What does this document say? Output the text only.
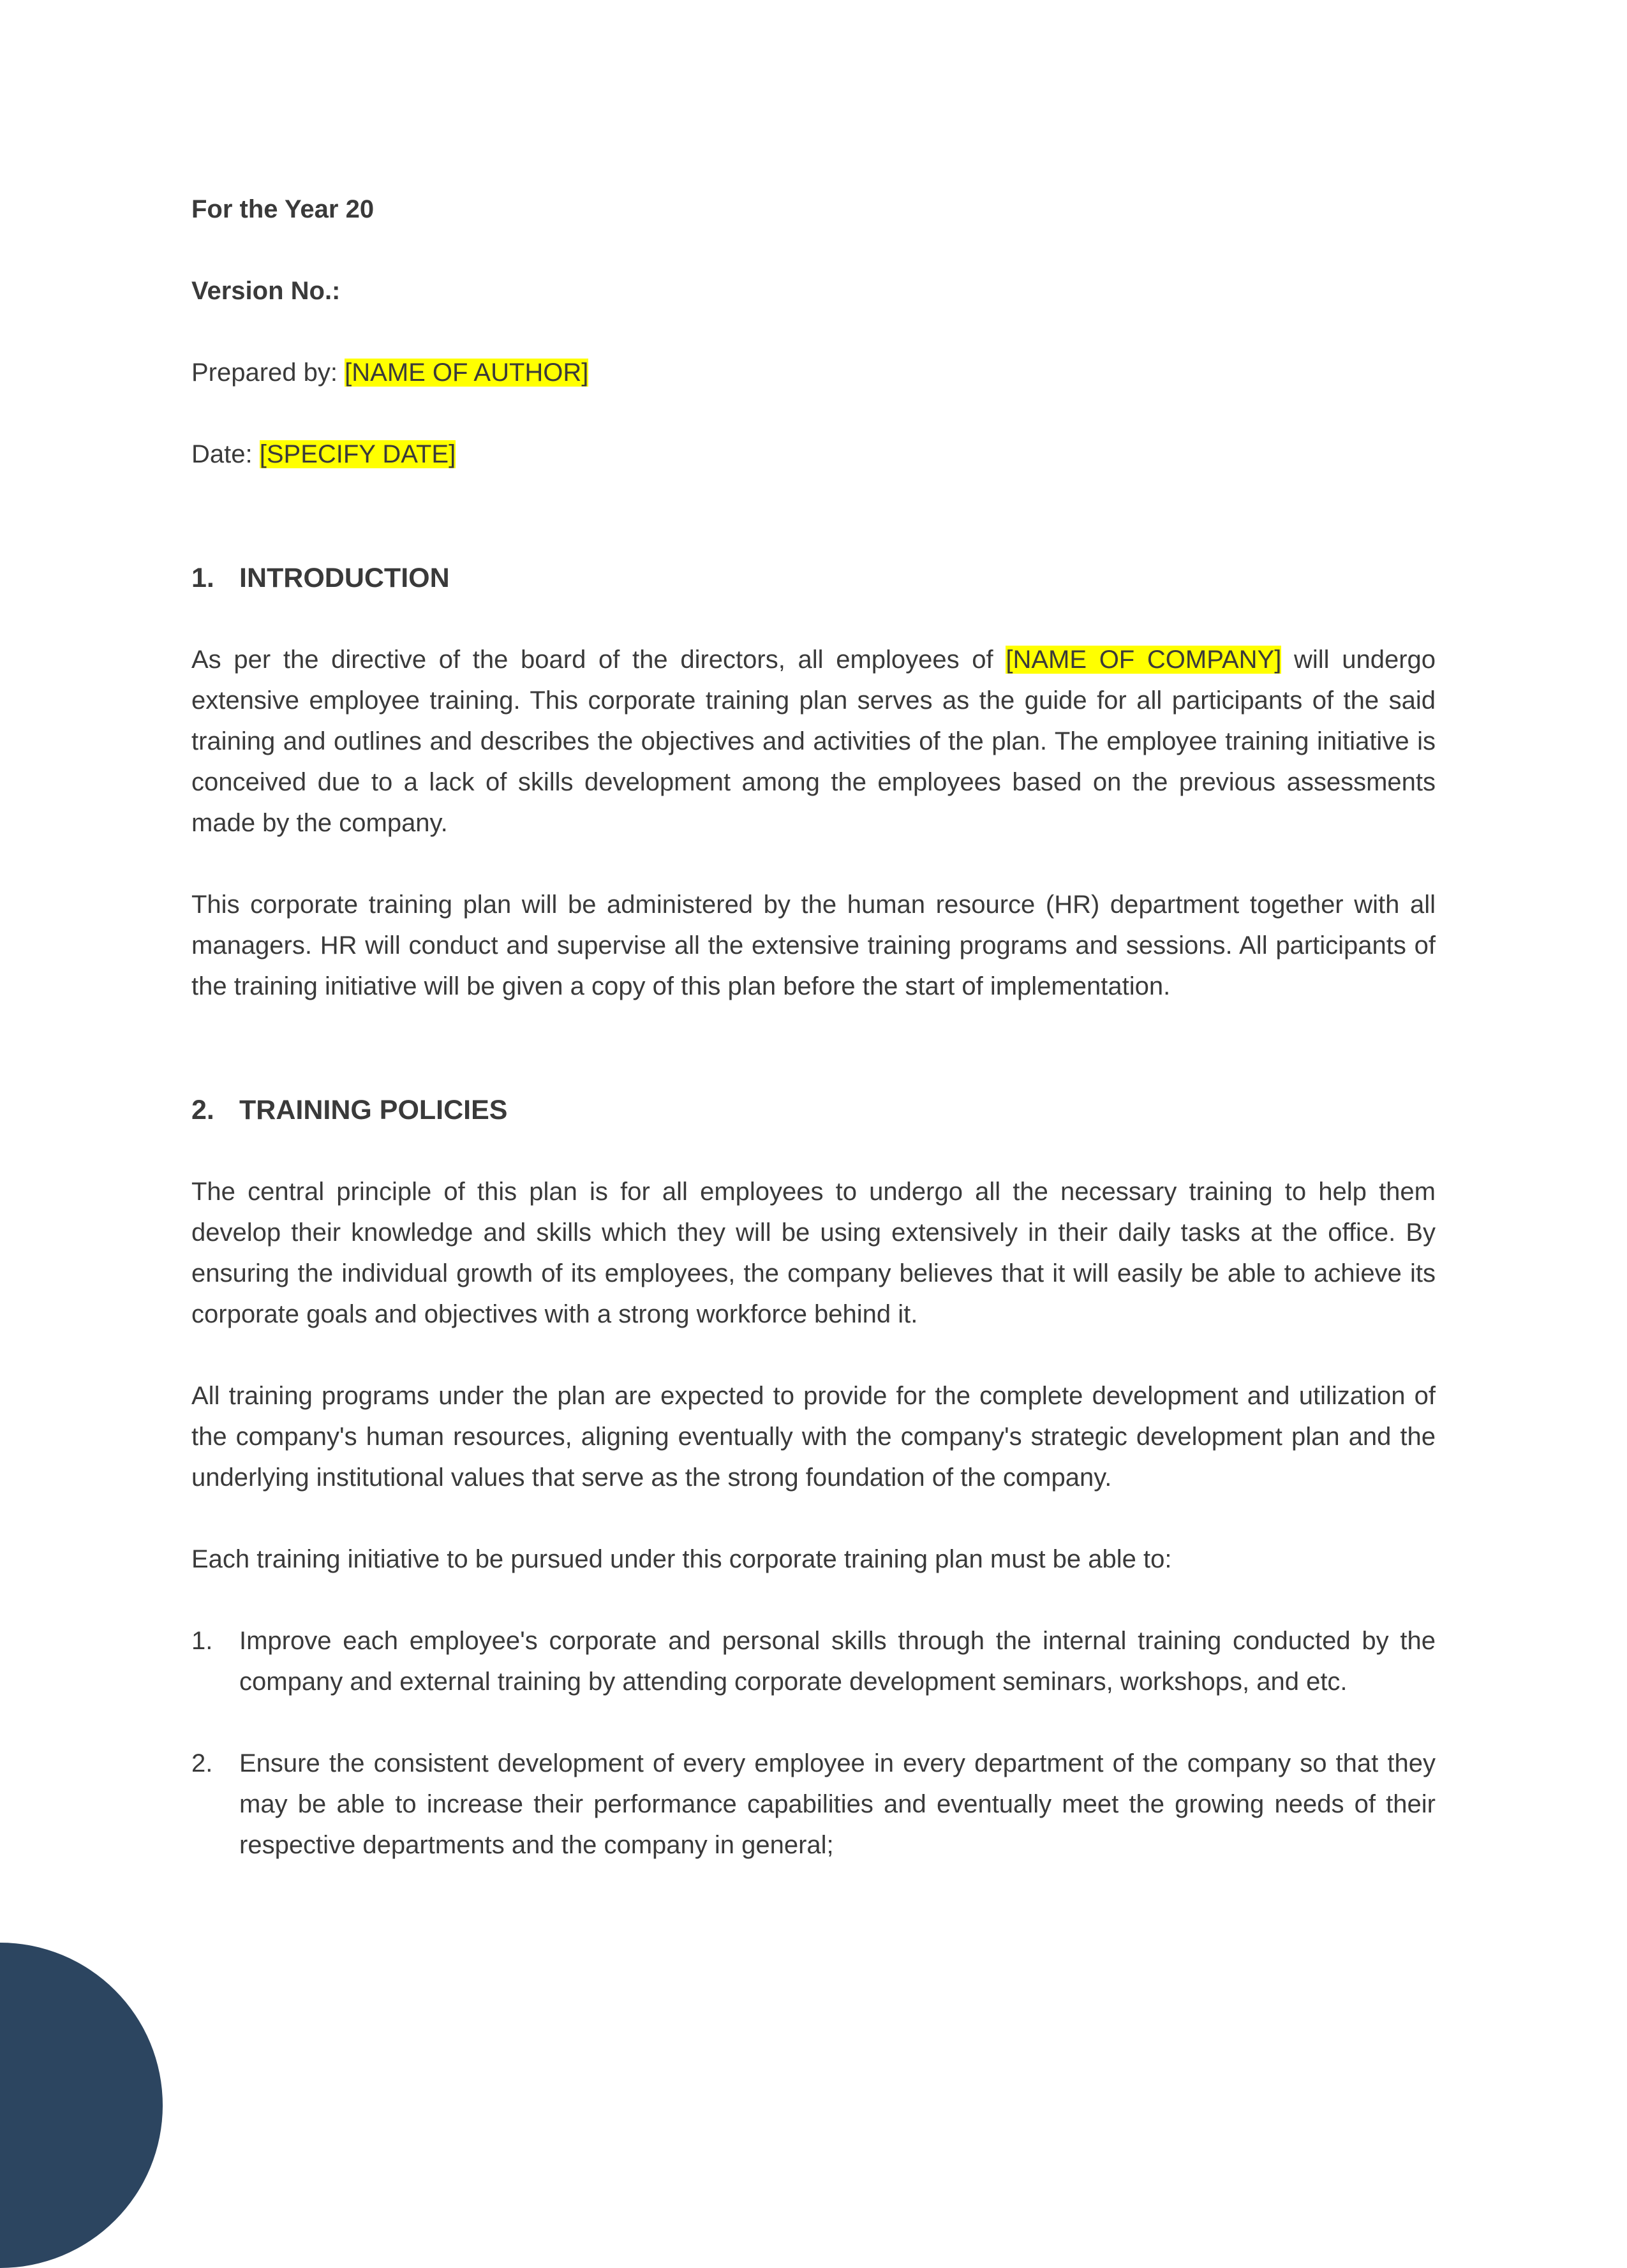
For the Year 20

Version No.:

Prepared by: [NAME OF AUTHOR]

Date: [SPECIFY DATE]

1. INTRODUCTION

As per the directive of the board of the directors, all employees of [NAME OF COMPANY] will undergo extensive employee training. This corporate training plan serves as the guide for all participants of the said training and outlines and describes the objectives and activities of the plan. The employee training initiative is conceived due to a lack of skills development among the employees based on the previous assessments made by the company.

This corporate training plan will be administered by the human resource (HR) department together with all managers. HR will conduct and supervise all the extensive training programs and sessions. All participants of the training initiative will be given a copy of this plan before the start of implementation.

2. TRAINING POLICIES

The central principle of this plan is for all employees to undergo all the necessary training to help them develop their knowledge and skills which they will be using extensively in their daily tasks at the office. By ensuring the individual growth of its employees, the company believes that it will easily be able to achieve its corporate goals and objectives with a strong workforce behind it.

All training programs under the plan are expected to provide for the complete development and utilization of the company's human resources, aligning eventually with the company's strategic development plan and the underlying institutional values that serve as the strong foundation of the company.

Each training initiative to be pursued under this corporate training plan must be able to:

1.	Improve each employee's corporate and personal skills through the internal training conducted by the company and external training by attending corporate development seminars, workshops, and etc.
2.	Ensure the consistent development of every employee in every department of the company so that they may be able to increase their performance capabilities and eventually meet the growing needs of their respective departments and the company in general;
